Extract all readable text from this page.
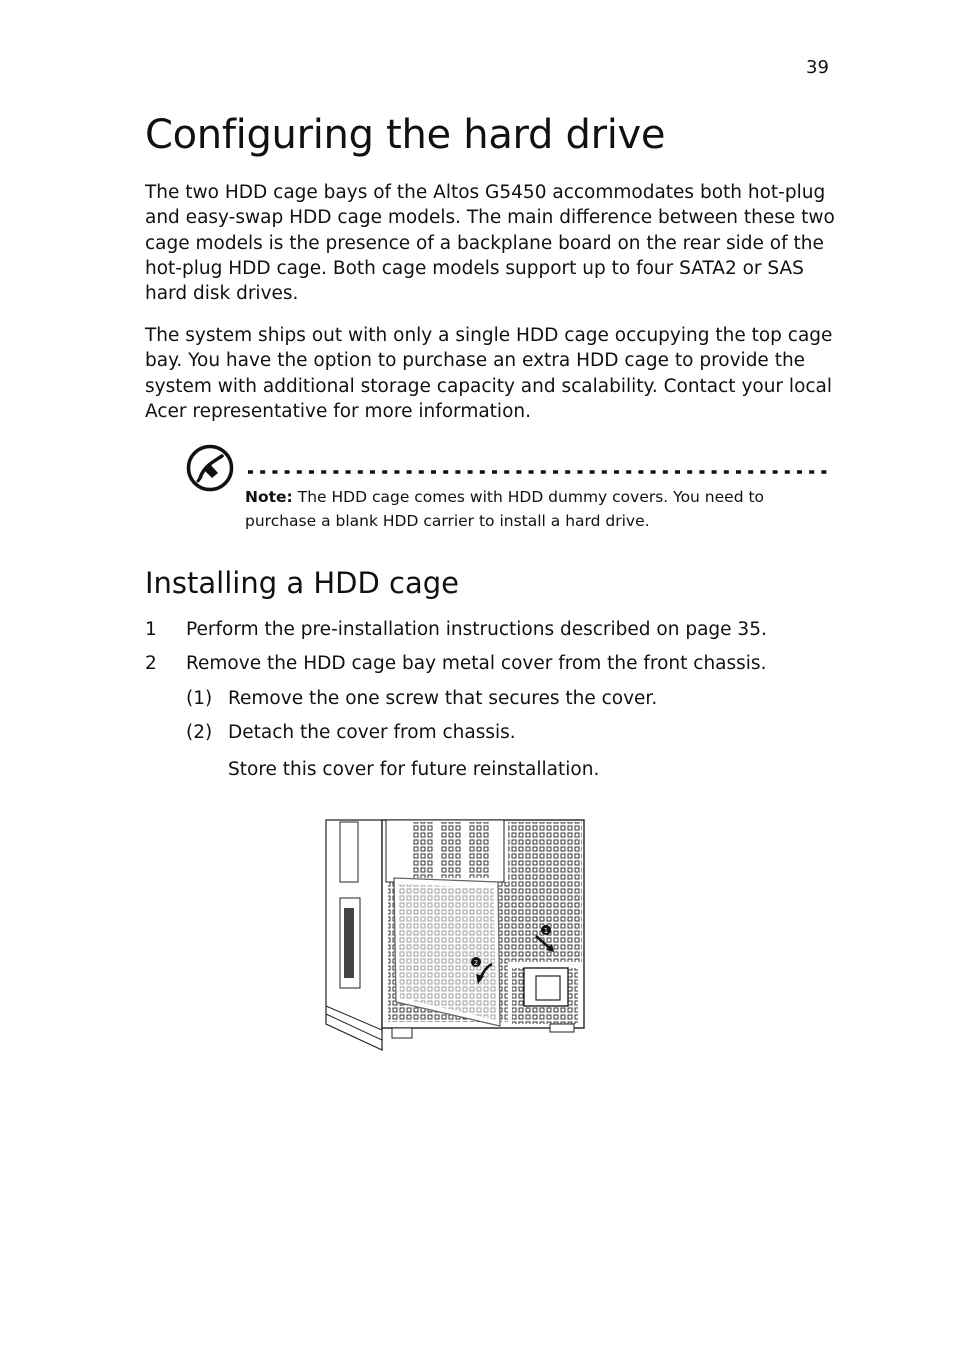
39
Configuring the hard drive

The two HDD cage bays of the Altos G5450 accommodates both hot-plug and easy-swap HDD cage models. The main difference between these two cage models is the presence of a backplane board on the rear side of the hot-plug HDD cage. Both cage models support up to four SATA2 or SAS hard disk drives.

The system ships out with only a single HDD cage occupying the top cage bay. You have the option to purchase an extra HDD cage to provide the system with additional storage capacity and scalability. Contact your local Acer representative for more information.

Note: The HDD cage comes with HDD dummy covers. You need to purchase a blank HDD carrier to install a hard drive.

Installing a HDD cage
1 Perform the pre-installation instructions described on page 35.
2 Remove the HDD cage bay metal cover from the front chassis.
(1) Remove the one screw that secures the cover.
(2) Detach the cover from chassis.
Store this cover for future reinstallation.
1
2
